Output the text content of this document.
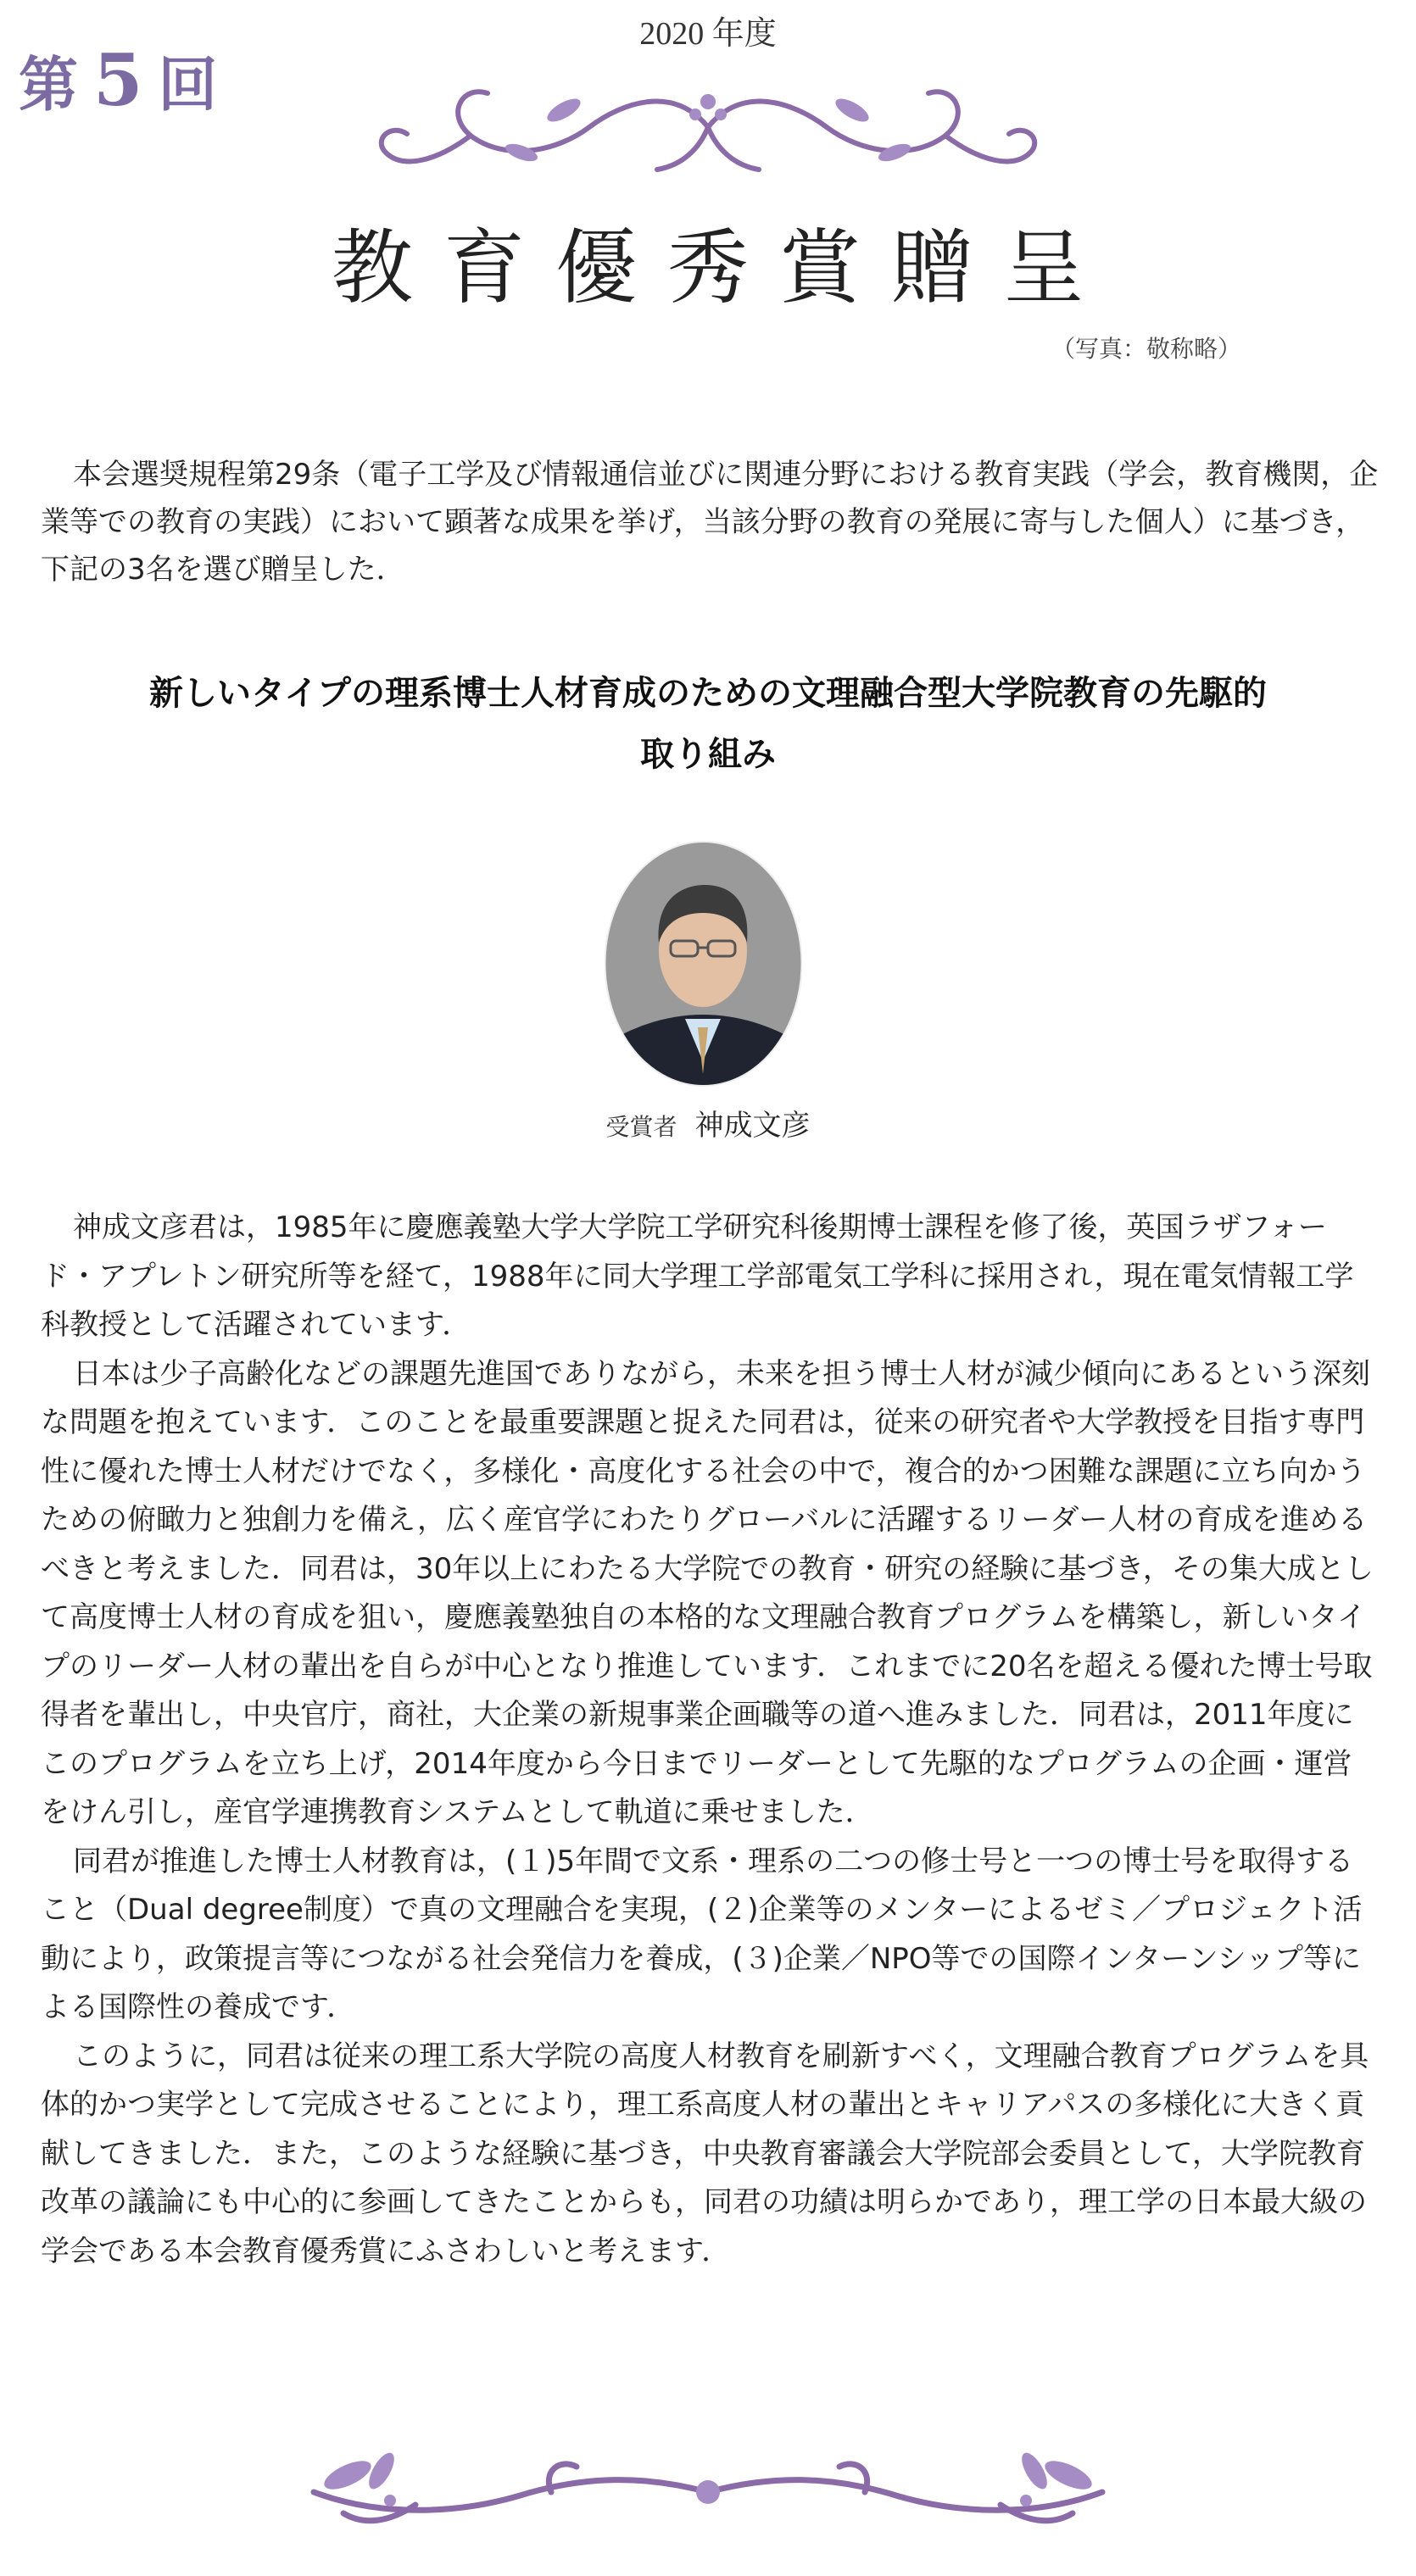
2020 年度
第 5 回
教育優秀賞贈呈
（写真：敬称略）
本会選奨規程第29条（電子工学及び情報通信並びに関連分野における教育実践（学会，教育機関，企業等での教育の実践）において顕著な成果を挙げ，当該分野の教育の発展に寄与した個人）に基づき，下記の3名を選び贈呈した．
新しいタイプの理系博士人材育成のための文理融合型大学院教育の先駆的
取り組み
受賞者 神成文彦

神成文彦君は，1985年に慶應義塾大学大学院工学研究科後期博士課程を修了後，英国ラザフォード・アプレトン研究所等を経て，1988年に同大学理工学部電気工学科に採用され，現在電気情報工学科教授として活躍されています．

日本は少子高齢化などの課題先進国でありながら，未来を担う博士人材が減少傾向にあるという深刻な問題を抱えています．このことを最重要課題と捉えた同君は，従来の研究者や大学教授を目指す専門性に優れた博士人材だけでなく，多様化・高度化する社会の中で，複合的かつ困難な課題に立ち向かうための俯瞰力と独創力を備え，広く産官学にわたりグローバルに活躍するリーダー人材の育成を進めるべきと考えました．同君は，30年以上にわたる大学院での教育・研究の経験に基づき，その集大成として高度博士人材の育成を狙い，慶應義塾独自の本格的な文理融合教育プログラムを構築し，新しいタイプのリーダー人材の輩出を自らが中心となり推進しています．これまでに20名を超える優れた博士号取得者を輩出し，中央官庁，商社，大企業の新規事業企画職等の道へ進みました．同君は，2011年度にこのプログラムを立ち上げ，2014年度から今日までリーダーとして先駆的なプログラムの企画・運営をけん引し，産官学連携教育システムとして軌道に乗せました．

同君が推進した博士人材教育は，(１)5年間で文系・理系の二つの修士号と一つの博士号を取得すること（Dual degree制度）で真の文理融合を実現，(２)企業等のメンターによるゼミ／プロジェクト活動により，政策提言等につながる社会発信力を養成，(３)企業／NPO等での国際インターンシップ等による国際性の養成です．

このように，同君は従来の理工系大学院の高度人材教育を刷新すべく，文理融合教育プログラムを具体的かつ実学として完成させることにより，理工系高度人材の輩出とキャリアパスの多様化に大きく貢献してきました．また，このような経験に基づき，中央教育審議会大学院部会委員として，大学院教育改革の議論にも中心的に参画してきたことからも，同君の功績は明らかであり，理工学の日本最大級の学会である本会教育優秀賞にふさわしいと考えます．
